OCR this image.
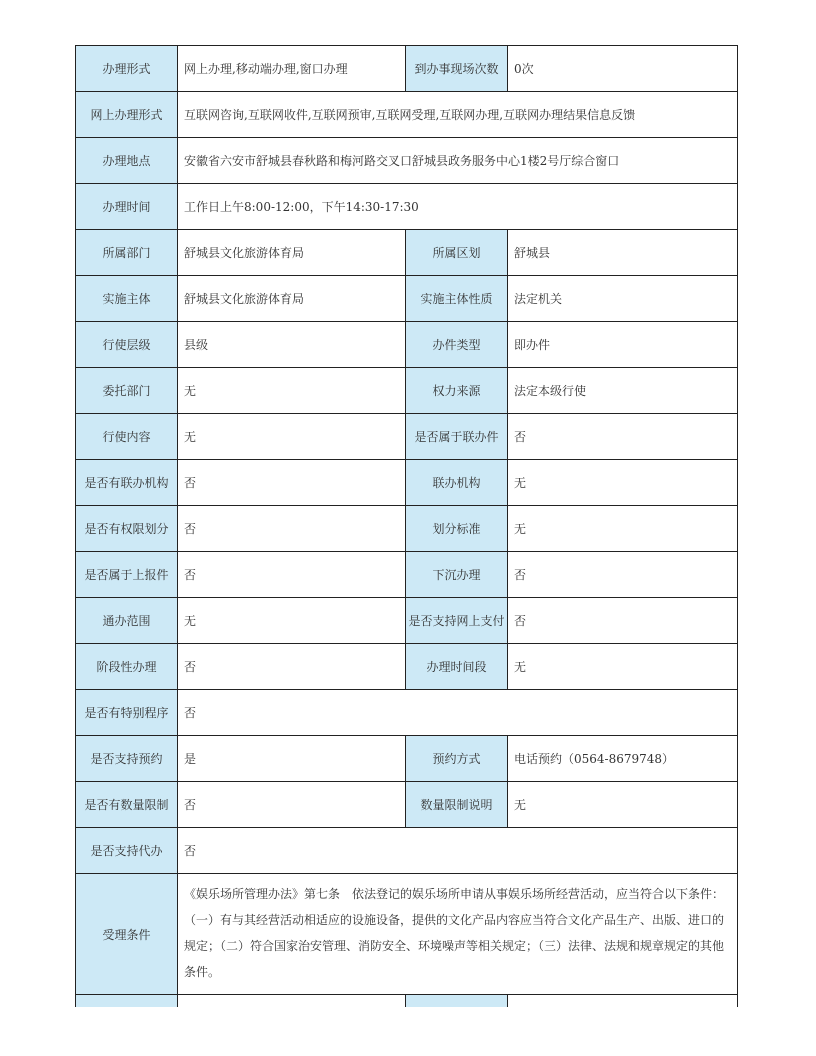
办理形式	网上办理,移动端办理,窗口办理	到办事现场次数	0次
网上办理形式	互联网咨询,互联网收件,互联网预审,互联网受理,互联网办理,互联网办理结果信息反馈		
办理地点	安徽省六安市舒城县春秋路和梅河路交叉口舒城县政务服务中心1楼2号厅综合窗口		
办理时间	工作日上午8:00-12:00，下午14:30-17:30		
所属部门	舒城县文化旅游体育局	所属区划	舒城县
实施主体	舒城县文化旅游体育局	实施主体性质	法定机关
行使层级	县级	办件类型	即办件
委托部门	无	权力来源	法定本级行使
行使内容	无	是否属于联办件	否
是否有联办机构	否	联办机构	无
是否有权限划分	否	划分标准	无
是否属于上报件	否	下沉办理	否
通办范围	无	是否支持网上支付	否
阶段性办理	否	办理时间段	无
是否有特别程序	否		
是否支持预约	是	预约方式	电话预约（0564-8679748）
是否有数量限制	否	数量限制说明	无
是否支持代办	否		
受理条件	《娱乐场所管理办法》第七条　依法登记的娱乐场所申请从事娱乐场所经营活动，应当符合以下条件：（一）有与其经营活动相适应的设施设备，提供的文化产品内容应当符合文化产品生产、出版、进口的规定；（二）符合国家治安管理、消防安全、环境噪声等相关规定；（三）法律、法规和规章规定的其他条件。		
